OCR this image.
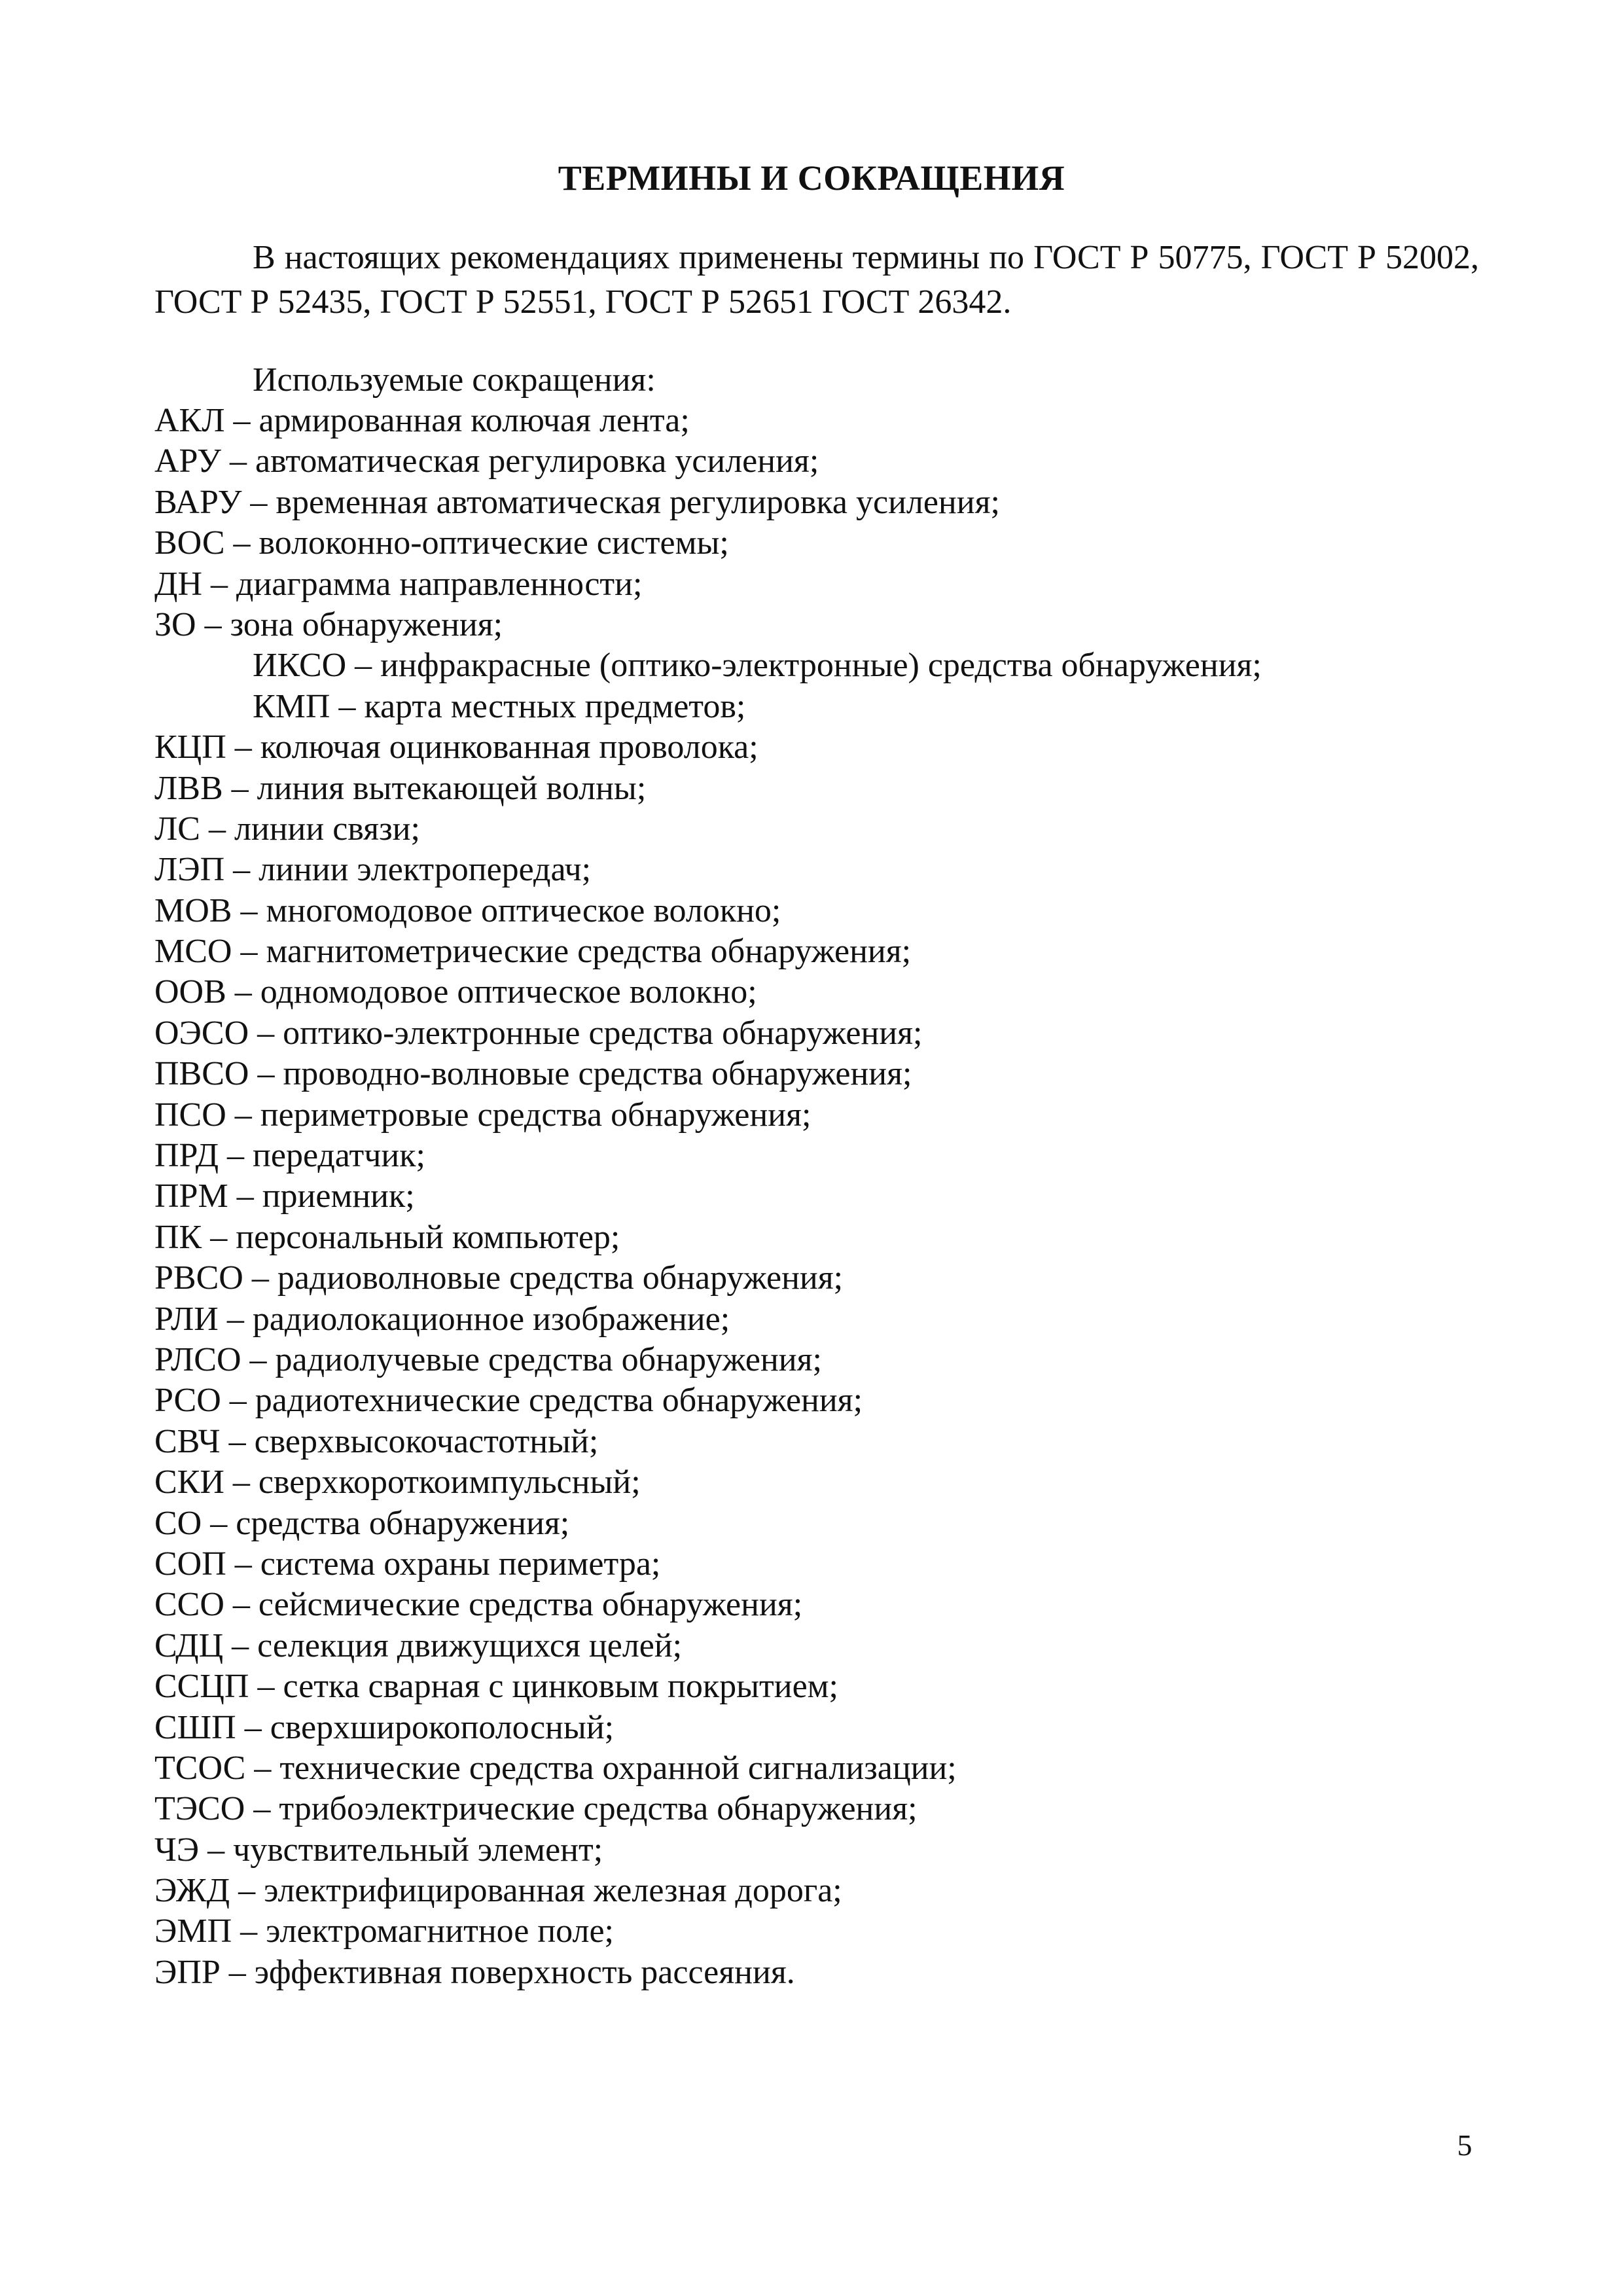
ТЕРМИНЫ И СОКРАЩЕНИЯ

В настоящих рекомендациях применены термины по ГОСТ Р 50775, ГОСТ Р 52002, ГОСТ Р 52435, ГОСТ Р 52551, ГОСТ Р 52651 ГОСТ 26342.

Используемые сокращения:
АКЛ – армированная колючая лента;
АРУ – автоматическая регулировка усиления;
ВАРУ – временная автоматическая регулировка усиления;
ВОС – волоконно-оптические системы;
ДН – диаграмма направленности;
ЗО – зона обнаружения;
ИКСО – инфракрасные (оптико-электронные) средства обнаружения;
КМП – карта местных предметов;
КЦП – колючая оцинкованная проволока;
ЛВВ – линия вытекающей волны;
ЛС – линии связи;
ЛЭП – линии электропередач;
МОВ – многомодовое оптическое волокно;
МСО – магнитометрические средства обнаружения;
ООВ – одномодовое оптическое волокно;
ОЭСО – оптико-электронные средства обнаружения;
ПВСО – проводно-волновые средства обнаружения;
ПСО – периметровые средства обнаружения;
ПРД – передатчик;
ПРМ – приемник;
ПК – персональный компьютер;
РВСО – радиоволновые средства обнаружения;
РЛИ – радиолокационное изображение;
РЛСО – радиолучевые средства обнаружения;
РСО – радиотехнические средства обнаружения;
СВЧ – сверхвысокочастотный;
СКИ – сверхкороткоимпульсный;
СО – средства обнаружения;
СОП – система охраны периметра;
ССО – сейсмические средства обнаружения;
СДЦ – селекция движущихся целей;
ССЦП – сетка сварная с цинковым покрытием;
СШП – сверхширокополосный;
ТСОС – технические средства охранной сигнализации;
ТЭСО – трибоэлектрические средства обнаружения;
ЧЭ – чувствительный элемент;
ЭЖД – электрифицированная железная дорога;
ЭМП – электромагнитное поле;
ЭПР – эффективная поверхность рассеяния.
5
